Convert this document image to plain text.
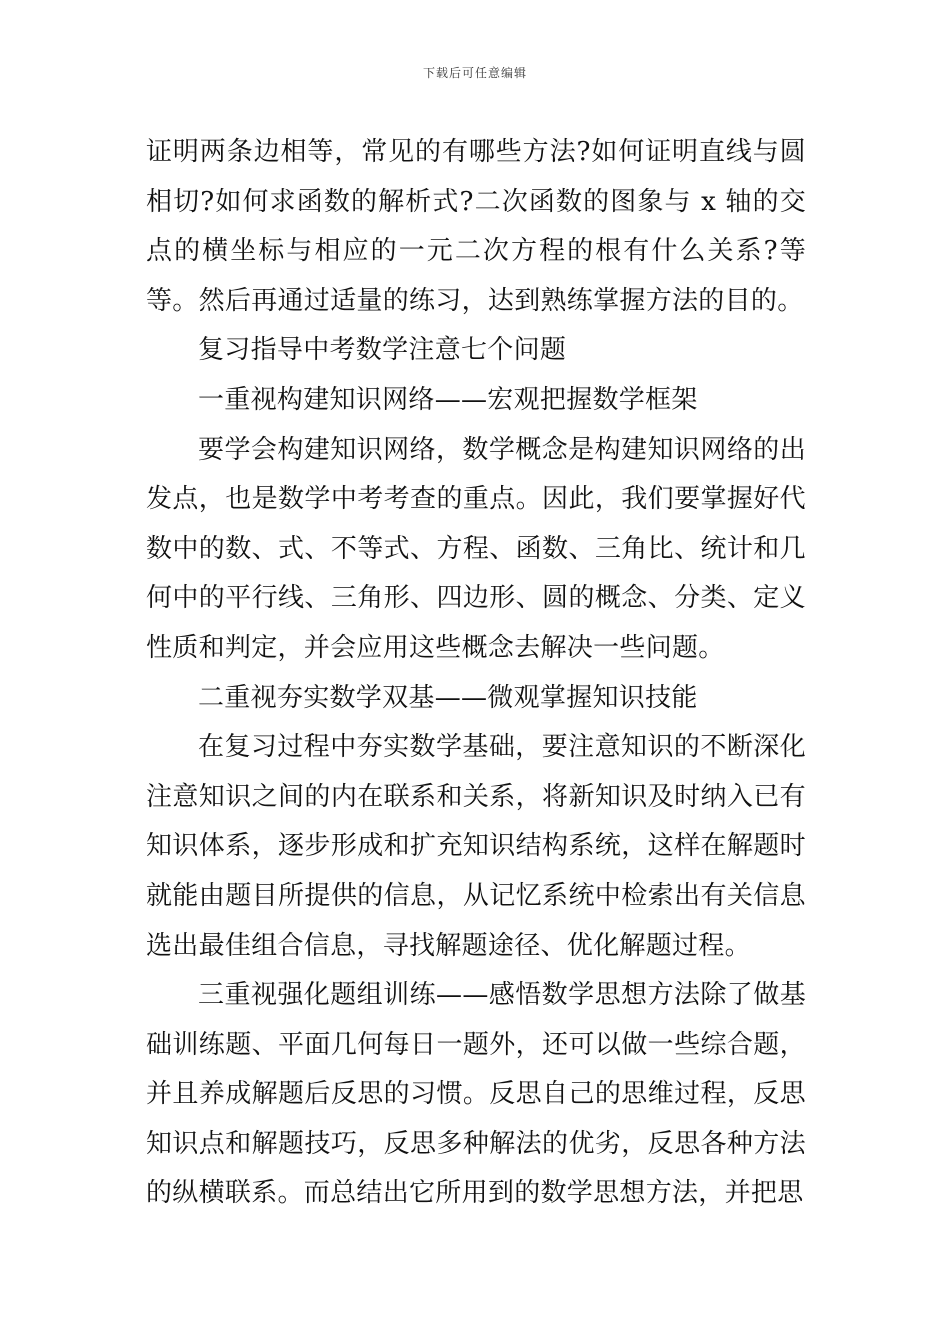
下载后可任意编辑

证明两条边相等，常见的有哪些方法?如何证明直线与圆相切?如何求函数的解析式?二次函数的图象与 x 轴的交点的横坐标与相应的一元二次方程的根有什么关系?等等。然后再通过适量的练习，达到熟练掌握方法的目的。

复习指导中考数学注意七个问题

一重视构建知识网络——宏观把握数学框架

要学会构建知识网络，数学概念是构建知识网络的出发点，也是数学中考考查的重点。因此，我们要掌握好代数中的数、式、不等式、方程、函数、三角比、统计和几何中的平行线、三角形、四边形、圆的概念、分类、定义性质和判定，并会应用这些概念去解决一些问题。

二重视夯实数学双基——微观掌握知识技能

在复习过程中夯实数学基础，要注意知识的不断深化注意知识之间的内在联系和关系，将新知识及时纳入已有知识体系，逐步形成和扩充知识结构系统，这样在解题时就能由题目所提供的信息，从记忆系统中检索出有关信息选出最佳组合信息，寻找解题途径、优化解题过程。

三重视强化题组训练——感悟数学思想方法除了做基础训练题、平面几何每日一题外，还可以做一些综合题，并且养成解题后反思的习惯。反思自己的思维过程，反思知识点和解题技巧，反思多种解法的优劣，反思各种方法的纵横联系。而总结出它所用到的数学思想方法，并把思
